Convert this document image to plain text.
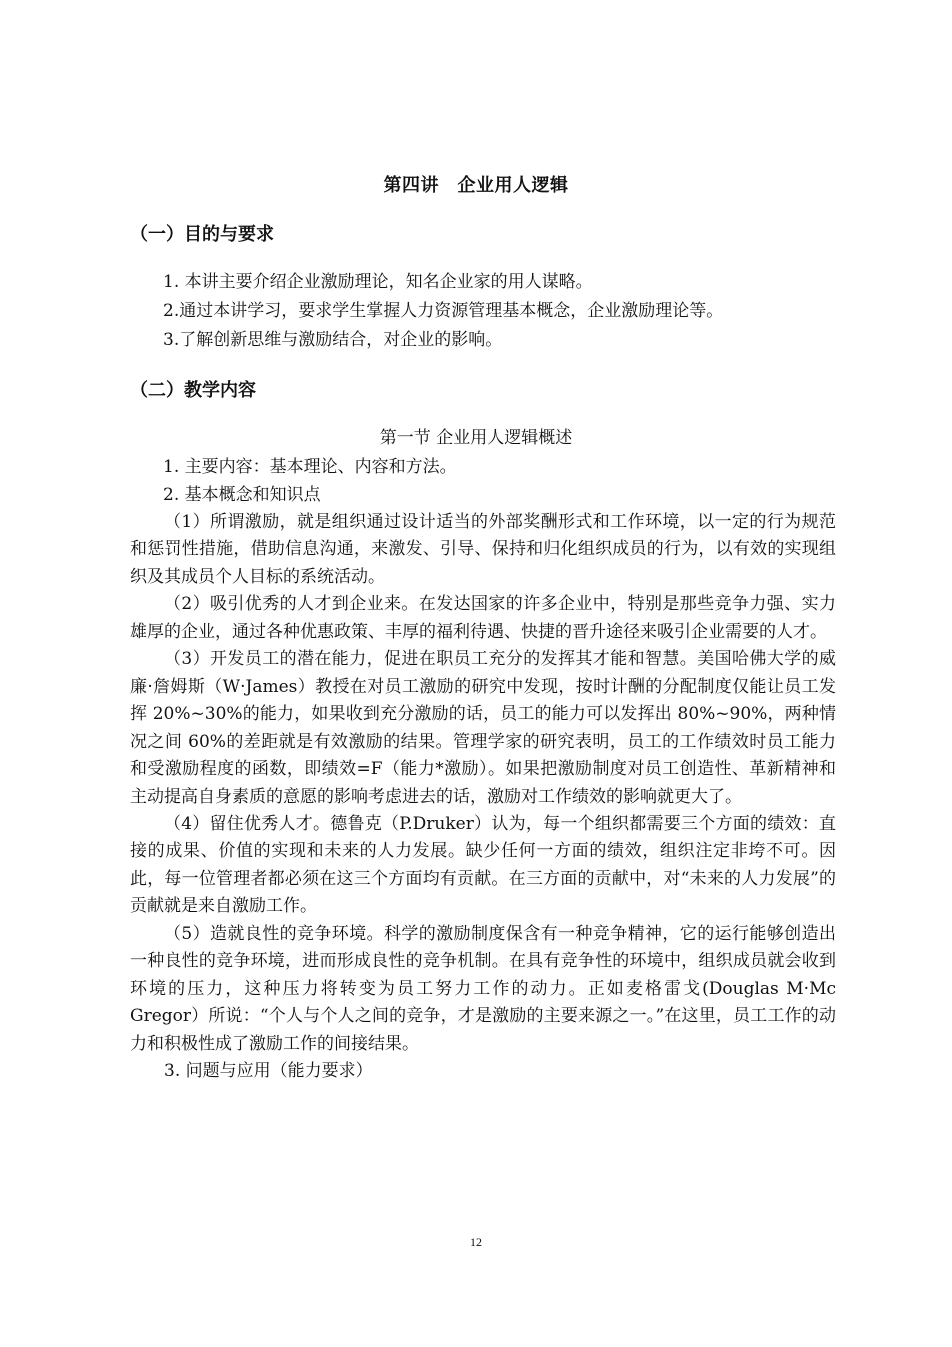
第四讲　企业用人逻辑
（一）目的与要求
1. 本讲主要介绍企业激励理论，知名企业家的用人谋略。
2.通过本讲学习，要求学生掌握人力资源管理基本概念，企业激励理论等。
3.了解创新思维与激励结合，对企业的影响。
（二）教学内容
第一节 企业用人逻辑概述
1. 主要内容：基本理论、内容和方法。
2. 基本概念和知识点

（1）所谓激励，就是组织通过设计适当的外部奖酬形式和工作环境，以一定的行为规范和惩罚性措施，借助信息沟通，来激发、引导、保持和归化组织成员的行为，以有效的实现组织及其成员个人目标的系统活动。

（2）吸引优秀的人才到企业来。在发达国家的许多企业中，特别是那些竞争力强、实力雄厚的企业，通过各种优惠政策、丰厚的福利待遇、快捷的晋升途径来吸引企业需要的人才。

（3）开发员工的潜在能力，促进在职员工充分的发挥其才能和智慧。美国哈佛大学的威廉·詹姆斯（W·James）教授在对员工激励的研究中发现，按时计酬的分配制度仅能让员工发挥 20%~30%的能力，如果收到充分激励的话，员工的能力可以发挥出 80%~90%，两种情况之间 60%的差距就是有效激励的结果。管理学家的研究表明，员工的工作绩效时员工能力和受激励程度的函数，即绩效=F（能力*激励）。如果把激励制度对员工创造性、革新精神和主动提高自身素质的意愿的影响考虑进去的话，激励对工作绩效的影响就更大了。

（4）留住优秀人才。德鲁克（P.Druker）认为，每一个组织都需要三个方面的绩效：直接的成果、价值的实现和未来的人力发展。缺少任何一方面的绩效，组织注定非垮不可。因此，每一位管理者都必须在这三个方面均有贡献。在三方面的贡献中，对“未来的人力发展”的贡献就是来自激励工作。

（5）造就良性的竞争环境。科学的激励制度保含有一种竞争精神，它的运行能够创造出一种良性的竞争环境，进而形成良性的竞争机制。在具有竞争性的环境中，组织成员就会收到环境的压力，这种压力将转变为员工努力工作的动力。正如麦格雷戈(Douglas M·Mc Gregor）所说：“个人与个人之间的竞争，才是激励的主要来源之一。”在这里，员工工作的动力和积极性成了激励工作的间接结果。

3. 问题与应用（能力要求）

12
